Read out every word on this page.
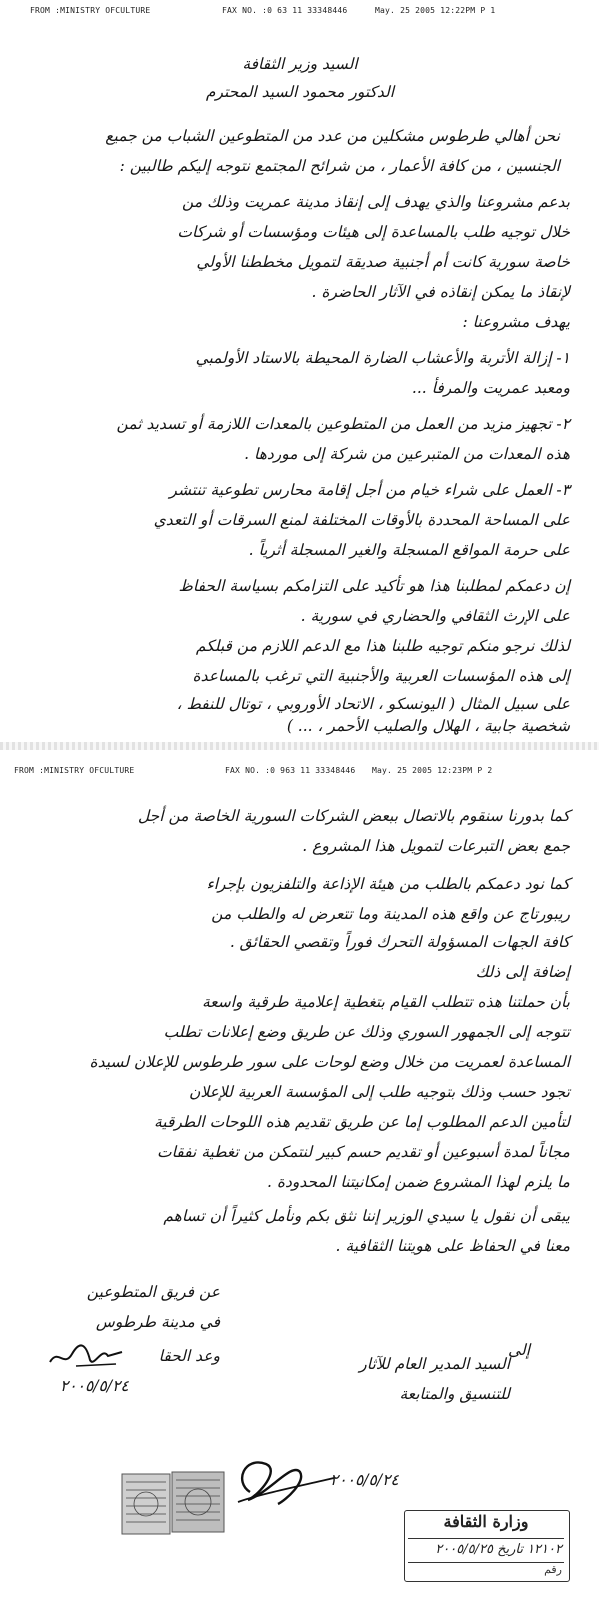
FROM :MINISTRY OFCULTURE	FAX NO. :0 63 11 33348446	May. 25 2005 12:22PM P 1
السيد وزير الثقافة
الدكتور محمود السيد المحترم
نحن أهالي طرطوس مشكلين من عدد من المتطوعين الشباب من جميع
الجنسين ، من كافة الأعمار ، من شرائح المجتمع نتوجه إليكم طالبين :
بدعم مشروعنا والذي يهدف إلى إنقاذ مدينة عمريت وذلك من
خلال توجيه طلب بالمساعدة إلى هيئات ومؤسسات أو شركات
خاصة سورية كانت أم أجنبية صديقة لتمويل مخططنا الأولي
لإنقاذ ما يمكن إنقاذه في الآثار الحاضرة .
يهدف مشروعنا :
١- إزالة الأتربة والأعشاب الضارة المحيطة بالاستاد الأولمبي
ومعبد عمريت والمرفأ ...
٢- تجهيز مزيد من العمل من المتطوعين بالمعدات اللازمة أو تسديد ثمن
هذه المعدات من المتبرعين من شركة إلى موردها .
٣- العمل على شراء خيام من أجل إقامة محارس تطوعية تنتشر
على المساحة المحددة بالأوقات المختلفة لمنع السرقات أو التعدي
على حرمة المواقع المسجلة والغير المسجلة أثرياً .
إن دعمكم لمطلبنا هذا هو تأكيد على التزامكم بسياسة الحفاظ
على الإرث الثقافي والحضاري في سورية .
لذلك نرجو منكم توجيه طلبنا هذا مع الدعم اللازم من قبلكم
إلى هذه المؤسسات العربية والأجنبية التي ترغب بالمساعدة
على سبيل المثال ( اليونسكو ، الاتحاد الأوروبي ، توتال للنفط ،
شخصية جابية ، الهلال والصليب الأحمر ، ... )
FROM :MINISTRY OFCULTURE	FAX NO. :0 963 11 33348446 May. 25 2005 12:23PM P 2
كما بدورنا سنقوم بالاتصال ببعض الشركات السورية الخاصة من أجل
جمع بعض التبرعات لتمويل هذا المشروع .
كما نود دعمكم بالطلب من هيئة الإذاعة والتلفزيون بإجراء
ريبورتاج عن واقع هذه المدينة وما تتعرض له والطلب من
كافة الجهات المسؤولة التحرك فوراً وتقصي الحقائق .
إضافة إلى ذلك
بأن حملتنا هذه تتطلب القيام بتغطية إعلامية طرقية واسعة
تتوجه إلى الجمهور السوري وذلك عن طريق وضع إعلانات تطلب
المساعدة لعمريت من خلال وضع لوحات على سور طرطوس للإعلان لسيدة
تجود حسب وذلك بتوجيه طلب إلى المؤسسة العربية للإعلان
لتأمين الدعم المطلوب إما عن طريق تقديم هذه اللوحات الطرقية
مجاناً لمدة أسبوعين أو تقديم حسم كبير لنتمكن من تغطية نفقات
ما يلزم لهذا المشروع ضمن إمكانيتنا المحدودة .
يبقى أن نقول يا سيدي الوزير إننا نثق بكم ونأمل كثيراً أن تساهم
معنا في الحفاظ على هويتنا الثقافية .
عن فريق المتطوعين
في مدينة طرطوس
وعد الحقا
٢٠٠٥/٥/٢٤
إلى
السيد المدير العام للآثار
للتنسيق والمتابعة
٢٠٠٥/٥/٢٤
وزارة الثقافة
١٢١٠٢ تاريخ ٢٠٠٥/٥/٢٥
رقم
